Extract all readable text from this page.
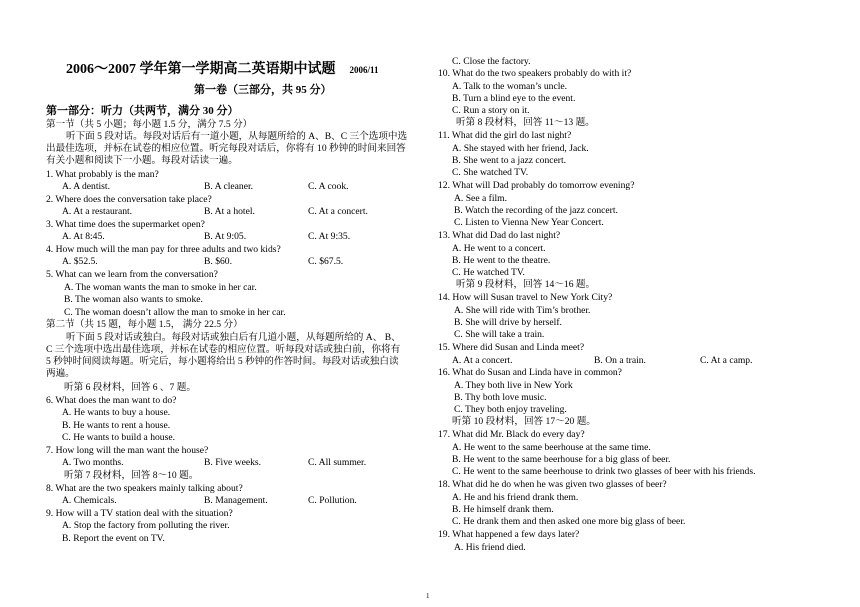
2006～2007 学年第一学期高二英语期中试题 2006/11
第一卷（三部分，共 95 分）
第一部分：听力（共两节，满分 30 分）
第一节（共 5 小题；每小题 1.5 分，满分 7.5 分）
听下面 5 段对话。每段对话后有一道小题，从每题所给的 A、B、C 三个选项中选
出最佳选项，并标在试卷的相应位置。听完每段对话后，你将有 10 秒钟的时间来回答
有关小题和阅读下一小题。每段对话读一遍。
1. What probably is the man?
A. A dentist.	B. A cleaner.	C. A cook.
2. Where does the conversation take place?
A. At a restaurant.	B. At a hotel.	C. At a concert.
3. What time does the supermarket open?
A. At 8:45.	B. At 9:05.	C. At 9:35.
4. How much will the man pay for three adults and two kids?
A. $52.5.	B. $60.	C. $67.5.
5. What can we learn from the conversation?
A. The woman wants the man to smoke in her car.
B. The woman also wants to smoke.
C. The woman doesn’t allow the man to smoke in her car.
第二节（共 15 题，每小题 1.5， 满分 22.5 分）
听下面 5 段对话或独白。每段对话或独白后有几道小题，从每题所给的 A、 B、
C 三个选项中选出最佳选项，并标在试卷的相应位置。听每段对话或独白前，你将有
5 秒钟时间阅读每题。听完后，每小题将给出 5 秒钟的作答时间。每段对话或独白读
两遍。
听第 6 段材料，回答 6 、7 题。
6. What does the man want to do?
A. He wants to buy a house.
B. He wants to rent a house.
C. He wants to build a house.
7. How long will the man want the house?
A. Two months.	B. Five weeks.	C. All summer.
听第 7 段材料，回答 8～10 题。
8. What are the two speakers mainly talking about?
A. Chemicals.	B. Management.	C. Pollution.
9. How will a TV station deal with the situation?
A. Stop the factory from polluting the river.
B. Report the event on TV.
C. Close the factory.
10. What do the two speakers probably do with it?
A. Talk to the woman’s uncle.
B. Turn a blind eye to the event.
C. Run a story on it.
听第 8 段材料，回答 11～13 题。
11. What did the girl do last night?
A. She stayed with her friend, Jack.
B. She went to a jazz concert.
C. She watched TV.
12. What will Dad probably do tomorrow evening?
A. See a film.
B. Watch the recording of the jazz concert.
C. Listen to Vienna New Year Concert.
13. What did Dad do last night?
A. He went to a concert.
B. He went to the theatre.
C. He watched TV.
听第 9 段材料，回答 14～16 题。
14. How will Susan travel to New York City?
A. She will ride with Tim’s brother.
B. She will drive by herself.
C. She will take a train.
15. Where did Susan and Linda meet?
A. At a concert.	B. On a train.	C. At a camp.
16. What do Susan and Linda have in common?
A. They both live in New York
B. Thy both love music.
C. They both enjoy traveling.
听第 10 段材料，回答 17～20 题。
17. What did Mr. Black do every day?
A. He went to the same beerhouse at the same time.
B. He went to the same beerhouse for a big glass of beer.
C. He went to the same beerhouse to drink two glasses of beer with his friends.
18. What did he do when he was given two glasses of beer?
A. He and his friend drank them.
B. He himself drank them.
C. He drank them and then asked one more big glass of beer.
19. What happened a few days later?
A. His friend died.
1
